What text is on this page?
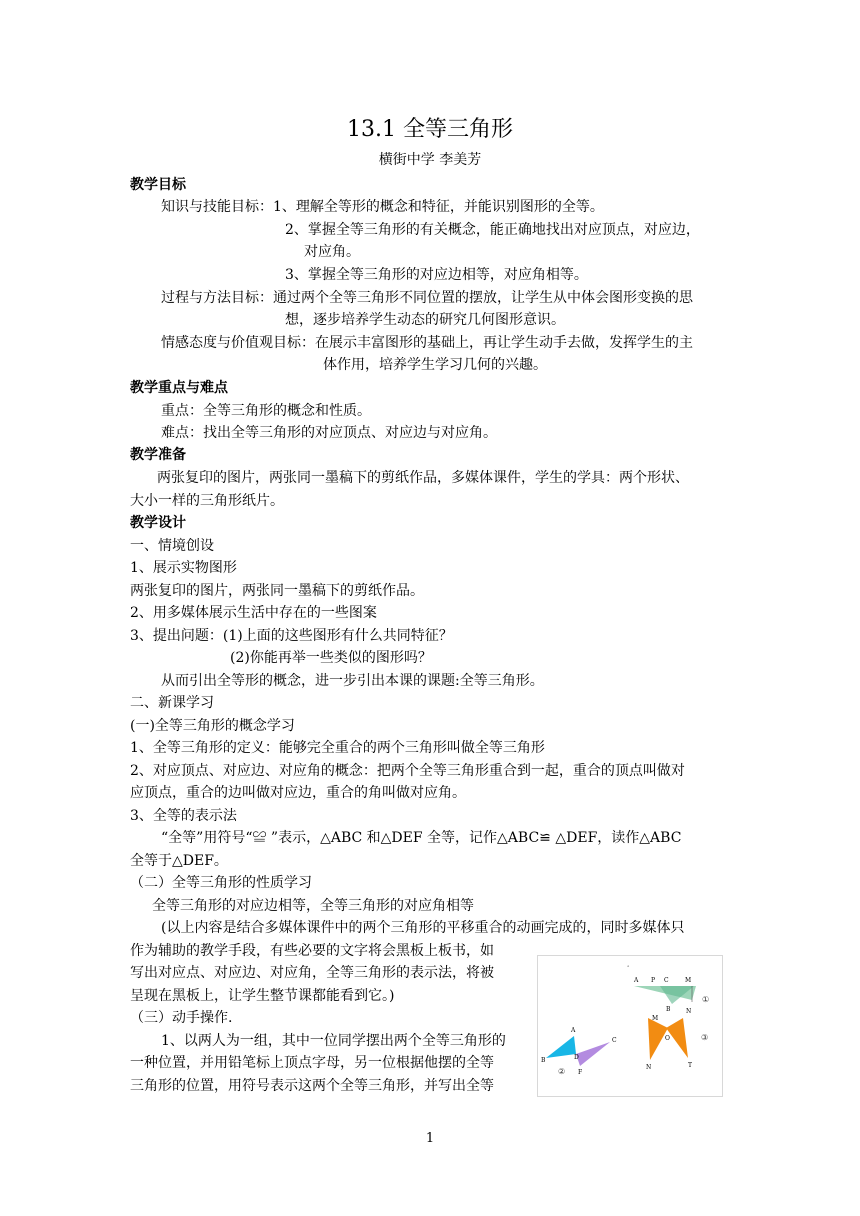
13.1 全等三角形
横街中学 李美芳
教学目标
知识与技能目标：1、理解全等形的概念和特征，并能识别图形的全等。
2、掌握全等三角形的有关概念，能正确地找出对应顶点，对应边，
对应角。
3、掌握全等三角形的对应边相等，对应角相等。
过程与方法目标：通过两个全等三角形不同位置的摆放，让学生从中体会图形变换的思
想，逐步培养学生动态的研究几何图形意识。
情感态度与价值观目标：在展示丰富图形的基础上，再让学生动手去做，发挥学生的主
体作用，培养学生学习几何的兴趣。
教学重点与难点
重点：全等三角形的概念和性质。
难点：找出全等三角形的对应顶点、对应边与对应角。
教学准备
两张复印的图片，两张同一墨稿下的剪纸作品，多媒体课件，学生的学具：两个形状、
大小一样的三角形纸片。
教学设计
一、情境创设
1、展示实物图形
两张复印的图片，两张同一墨稿下的剪纸作品。
2、用多媒体展示生活中存在的一些图案
3、提出问题：(1)上面的这些图形有什么共同特征？
(2)你能再举一些类似的图形吗？
从而引出全等形的概念，进一步引出本课的课题:全等三角形。
二、新课学习
(一)全等三角形的概念学习
1、全等三角形的定义：能够完全重合的两个三角形叫做全等三角形
2、对应顶点、对应边、对应角的概念：把两个全等三角形重合到一起，重合的顶点叫做对
应顶点，重合的边叫做对应边，重合的角叫做对应角。
3、全等的表示法
“全等”用符号“≌ ”表示，△ABC 和△DEF 全等，记作△ABC≌ △DEF，读作△ABC
全等于△DEF。
（二）全等三角形的性质学习
全等三角形的对应边相等，全等三角形的对应角相等
(以上内容是结合多媒体课件中的两个三角形的平移重合的动画完成的，同时多媒体只
作为辅助的教学手段，有些必要的文字将会黑板上板书，如
写出对应点、对应边、对应角，全等三角形的表示法，将被
呈现在黑板上，让学生整节课都能看到它。)
（三）动手操作.
1、以两人为一组，其中一位同学摆出两个全等三角形的
一种位置，并用铅笔标上顶点字母，另一位根据他摆的全等
三角形的位置，用符号表示这两个全等三角形，并写出全等
°
A P C	M
B	N
①
A
D
C
B
F
②
M
O
N	T
③
1
